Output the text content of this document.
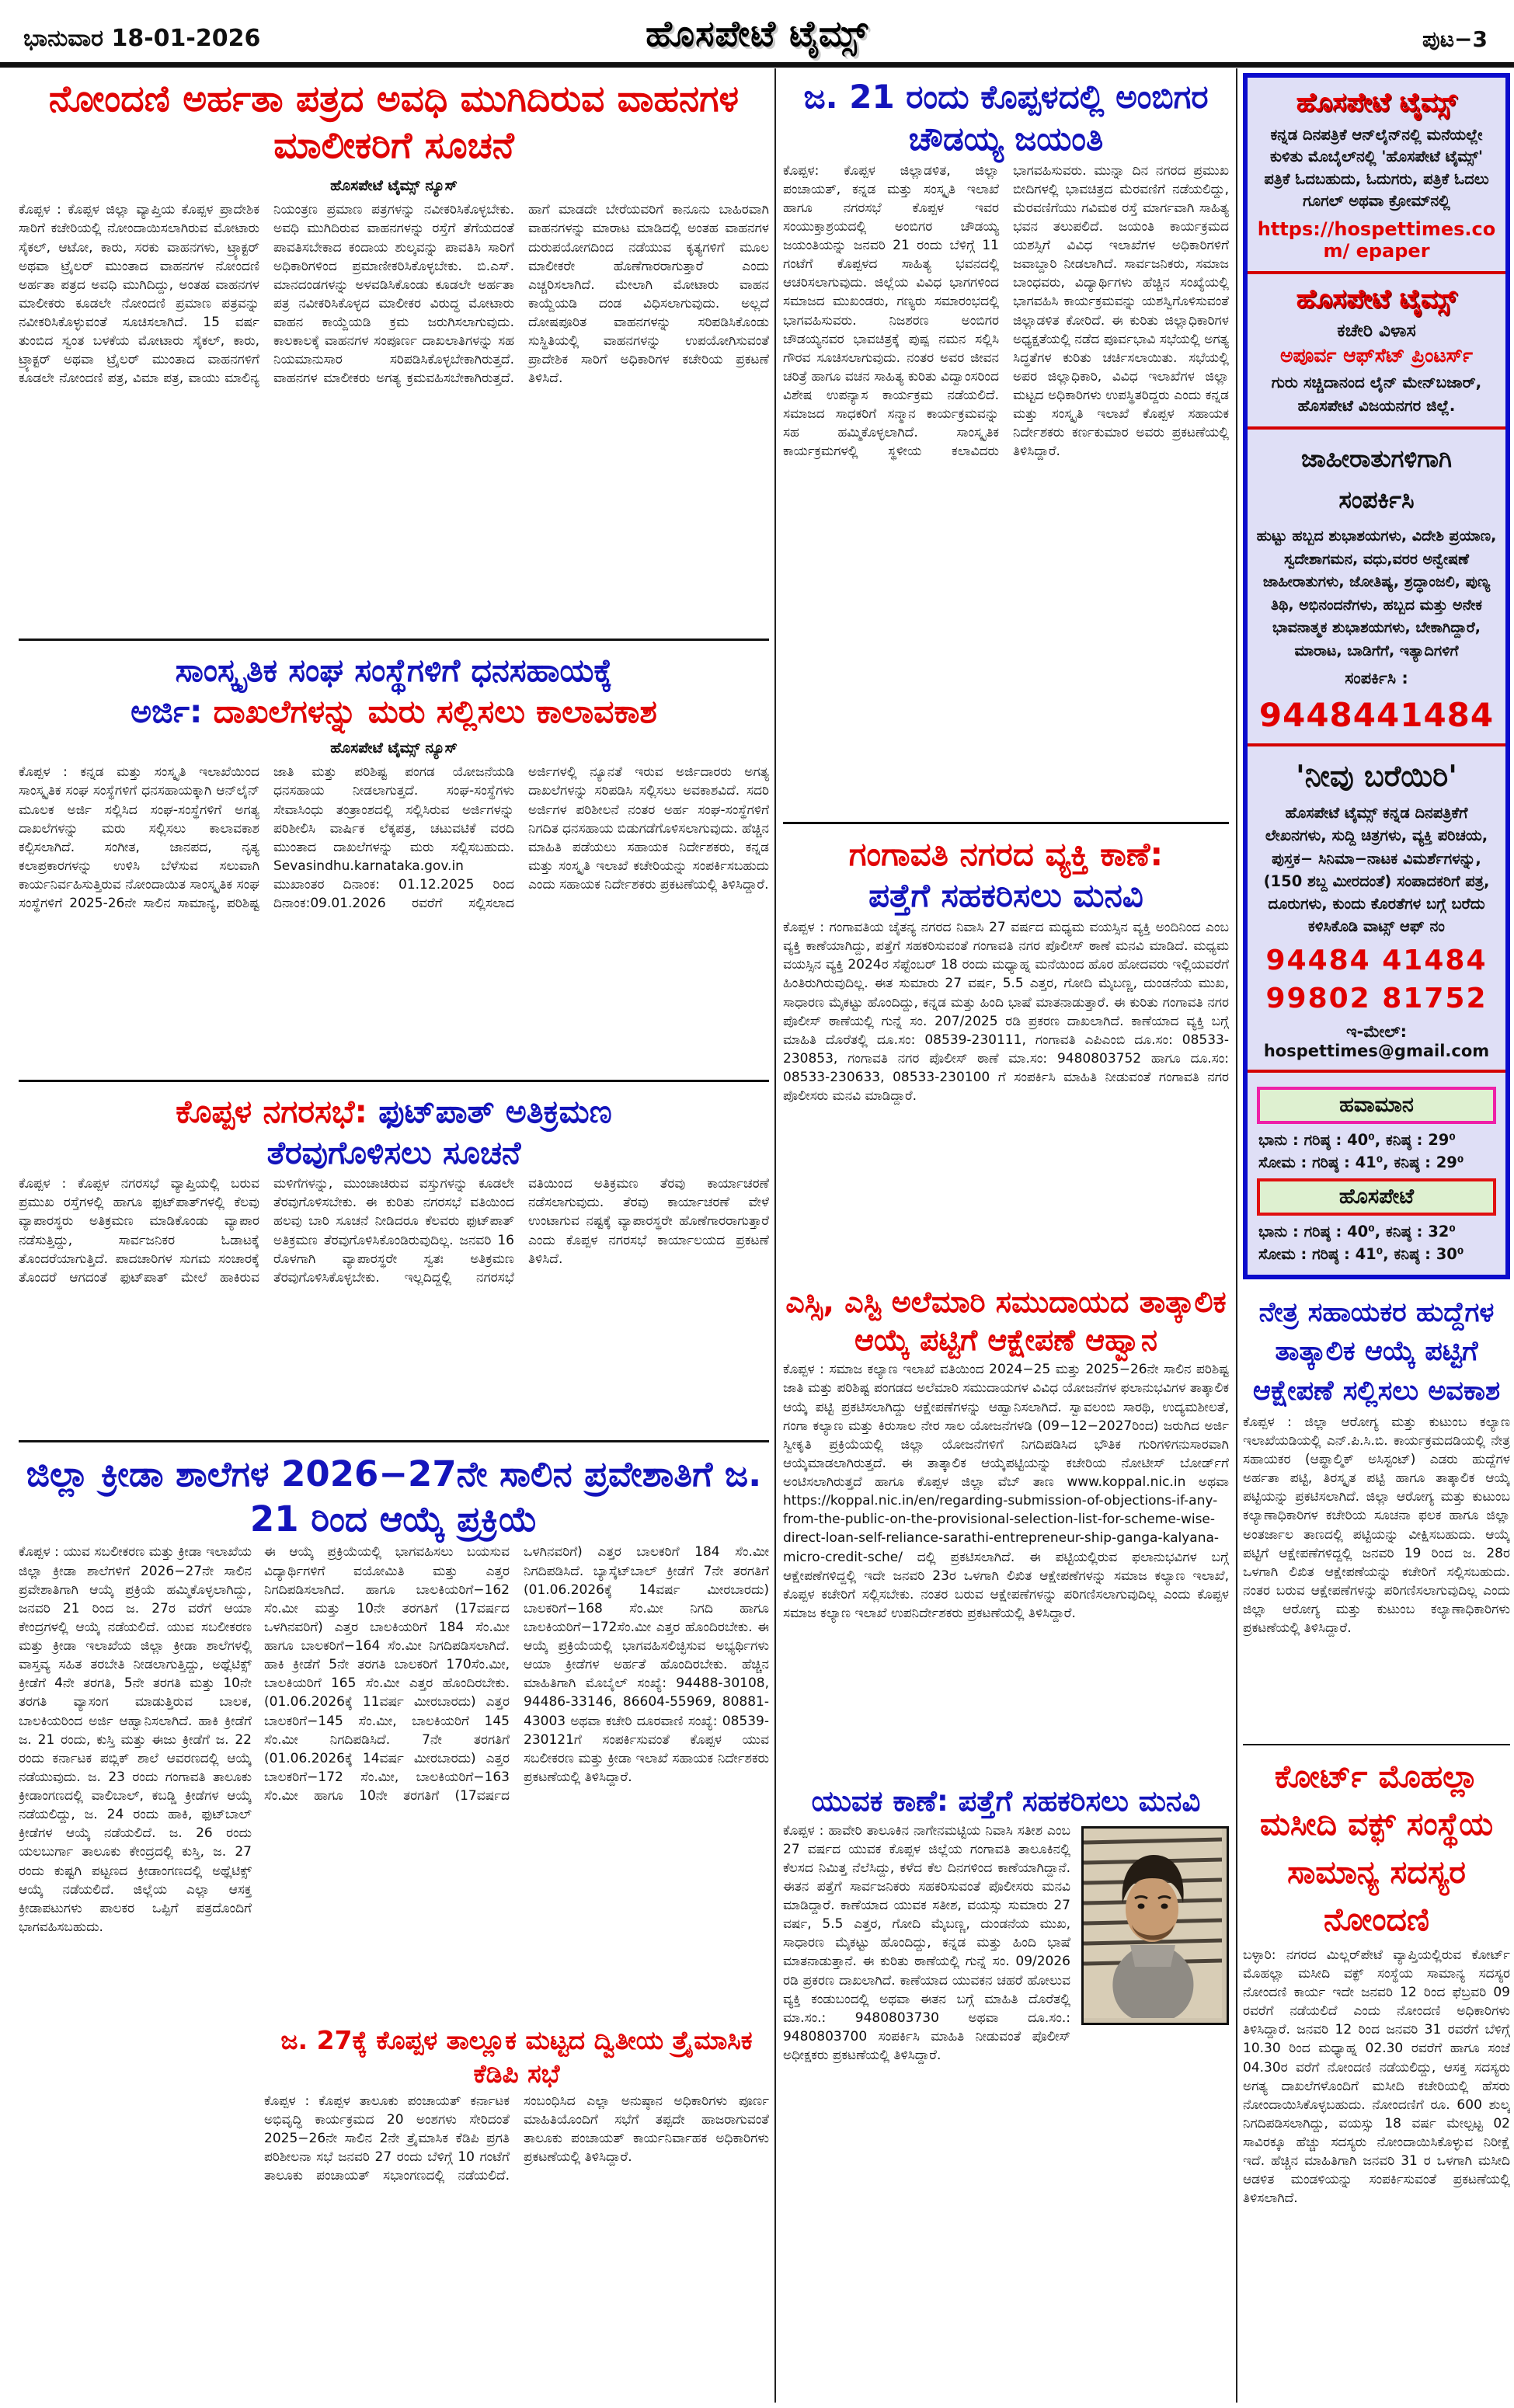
ಭಾನುವಾರ 18-01-2026	ಹೊಸಪೇಟೆ ಟೈಮ್ಸ್	ಪುಟ−3
ನೋಂದಣಿ ಅರ್ಹತಾ ಪತ್ರದ ಅವಧಿ ಮುಗಿದಿರುವ ವಾಹನಗಳ ಮಾಲೀಕರಿಗೆ ಸೂಚನೆ
ಹೊಸಪೇಟೆ ಟೈಮ್ಸ್ ನ್ಯೂಸ್
ಕೊಪ್ಪಳ : ಕೊಪ್ಪಳ ಜಿಲ್ಲಾ ವ್ಯಾಪ್ತಿಯ ಕೊಪ್ಪಳ ಪ್ರಾದೇಶಿಕ ಸಾರಿಗೆ ಕಚೇರಿಯಲ್ಲಿ ನೋಂದಾಯಿಸಲಾಗಿರುವ ಮೋಟಾರು ಸೈಕಲ್, ಆಟೋ, ಕಾರು, ಸರಕು ವಾಹನಗಳು, ಟ್ರ್ಯಾಕ್ಟರ್ ಅಥವಾ ಟ್ರೈಲರ್ ಮುಂತಾದ ವಾಹನಗಳ ನೋಂದಣಿ ಅರ್ಹತಾ ಪತ್ರದ ಅವಧಿ ಮುಗಿದಿದ್ದು, ಅಂತಹ ವಾಹನಗಳ ಮಾಲೀಕರು ಕೂಡಲೇ ನೋಂದಣಿ ಪ್ರಮಾಣ ಪತ್ರವನ್ನು ನವೀಕರಿಸಿಕೊಳ್ಳುವಂತೆ ಸೂಚಿಸಲಾಗಿದೆ. 15 ವರ್ಷ ತುಂಬಿದ ಸ್ವಂತ ಬಳಕೆಯ ಮೋಟಾರು ಸೈಕಲ್, ಕಾರು, ಟ್ರ್ಯಾಕ್ಟರ್ ಅಥವಾ ಟ್ರೈಲರ್ ಮುಂತಾದ ವಾಹನಗಳಿಗೆ ಕೂಡಲೇ ನೋಂದಣಿ ಪತ್ರ, ವಿಮಾ ಪತ್ರ, ವಾಯು ಮಾಲಿನ್ಯ ನಿಯಂತ್ರಣ ಪ್ರಮಾಣ ಪತ್ರಗಳನ್ನು ನವೀಕರಿಸಿಕೊಳ್ಳಬೇಕು. ಅವಧಿ ಮುಗಿದಿರುವ ವಾಹನಗಳನ್ನು ರಸ್ತೆಗೆ ತೆಗೆಯದಂತೆ ಪಾವತಿಸಬೇಕಾದ ಕಂದಾಯ ಶುಲ್ಕವನ್ನು ಪಾವತಿಸಿ ಸಾರಿಗೆ ಅಧಿಕಾರಿಗಳಿಂದ ಪ್ರಮಾಣೀಕರಿಸಿಕೊಳ್ಳಬೇಕು. ಬಿ.ಎಸ್. ಮಾನದಂಡಗಳನ್ನು ಅಳವಡಿಸಿಕೊಂಡು ಕೂಡಲೇ ಅರ್ಹತಾ ಪತ್ರ ನವೀಕರಿಸಿಕೊಳ್ಳದ ಮಾಲೀಕರ ವಿರುದ್ಧ ಮೋಟಾರು ವಾಹನ ಕಾಯ್ದೆಯಡಿ ಕ್ರಮ ಜರುಗಿಸಲಾಗುವುದು. ಕಾಲಕಾಲಕ್ಕೆ ವಾಹನಗಳ ಸಂಪೂರ್ಣ ದಾಖಲಾತಿಗಳನ್ನು ಸಹ ನಿಯಮಾನುಸಾರ ಸರಿಪಡಿಸಿಕೊಳ್ಳಬೇಕಾಗಿರುತ್ತದೆ. ವಾಹನಗಳ ಮಾಲೀಕರು ಅಗತ್ಯ ಕ್ರಮವಹಿಸಬೇಕಾಗಿರುತ್ತದೆ. ಹಾಗೆ ಮಾಡದೇ ಬೇರೆಯವರಿಗೆ ಕಾನೂನು ಬಾಹಿರವಾಗಿ ವಾಹನಗಳನ್ನು ಮಾರಾಟ ಮಾಡಿದಲ್ಲಿ ಅಂತಹ ವಾಹನಗಳ ದುರುಪಯೋಗದಿಂದ ನಡೆಯುವ ಕೃತ್ಯಗಳಿಗೆ ಮೂಲ ಮಾಲೀಕರೇ ಹೊಣೆಗಾರರಾಗುತ್ತಾರೆ ಎಂದು ಎಚ್ಚರಿಸಲಾಗಿದೆ. ಮೇಲಾಗಿ ಮೋಟಾರು ವಾಹನ ಕಾಯ್ದೆಯಡಿ ದಂಡ ವಿಧಿಸಲಾಗುವುದು. ಅಲ್ಲದೆ ದೋಷಪೂರಿತ ವಾಹನಗಳನ್ನು ಸರಿಪಡಿಸಿಕೊಂಡು ಸುಸ್ಥಿತಿಯಲ್ಲಿ ವಾಹನಗಳನ್ನು ಉಪಯೋಗಿಸುವಂತೆ ಪ್ರಾದೇಶಿಕ ಸಾರಿಗೆ ಅಧಿಕಾರಿಗಳ ಕಚೇರಿಯ ಪ್ರಕಟಣೆ ತಿಳಿಸಿದೆ.
ಸಾಂಸ್ಕೃತಿಕ ಸಂಘ ಸಂಸ್ಥೆಗಳಿಗೆ ಧನಸಹಾಯಕ್ಕೆ
ಅರ್ಜಿ: ದಾಖಲೆಗಳನ್ನು ಮರು ಸಲ್ಲಿಸಲು ಕಾಲಾವಕಾಶ
ಹೊಸಪೇಟೆ ಟೈಮ್ಸ್ ನ್ಯೂಸ್
ಕೊಪ್ಪಳ : ಕನ್ನಡ ಮತ್ತು ಸಂಸ್ಕೃತಿ ಇಲಾಖೆಯಿಂದ ಸಾಂಸ್ಕೃತಿಕ ಸಂಘ ಸಂಸ್ಥೆಗಳಿಗೆ ಧನಸಹಾಯಕ್ಕಾಗಿ ಆನ್‌ಲೈನ್ ಮೂಲಕ ಅರ್ಜಿ ಸಲ್ಲಿಸಿದ ಸಂಘ-ಸಂಸ್ಥೆಗಳಿಗೆ ಅಗತ್ಯ ದಾಖಲೆಗಳನ್ನು ಮರು ಸಲ್ಲಿಸಲು ಕಾಲಾವಕಾಶ ಕಲ್ಪಿಸಲಾಗಿದೆ. ಸಂಗೀತ, ಜಾನಪದ, ನೃತ್ಯ ಕಲಾಪ್ರಕಾರಗಳನ್ನು ಉಳಿಸಿ ಬೆಳೆಸುವ ಸಲುವಾಗಿ ಕಾರ್ಯನಿರ್ವಹಿಸುತ್ತಿರುವ ನೋಂದಾಯಿತ ಸಾಂಸ್ಕೃತಿಕ ಸಂಘ ಸಂಸ್ಥೆಗಳಿಗೆ 2025-26ನೇ ಸಾಲಿನ ಸಾಮಾನ್ಯ, ಪರಿಶಿಷ್ಟ ಜಾತಿ ಮತ್ತು ಪರಿಶಿಷ್ಟ ಪಂಗಡ ಯೋಜನೆಯಡಿ ಧನಸಹಾಯ ನೀಡಲಾಗುತ್ತದೆ. ಸಂಘ-ಸಂಸ್ಥೆಗಳು ಸೇವಾಸಿಂಧು ತಂತ್ರಾಂಶದಲ್ಲಿ ಸಲ್ಲಿಸಿರುವ ಅರ್ಜಿಗಳನ್ನು ಪರಿಶೀಲಿಸಿ ವಾರ್ಷಿಕ ಲೆಕ್ಕಪತ್ರ, ಚಟುವಟಿಕೆ ವರದಿ ಮುಂತಾದ ದಾಖಲೆಗಳನ್ನು ಮರು ಸಲ್ಲಿಸಬಹುದು. Sevasindhu.karnataka.gov.in ಮುಖಾಂತರ ದಿನಾಂಕ: 01.12.2025 ರಿಂದ ದಿನಾಂಕ:09.01.2026 ರವರೆಗೆ ಸಲ್ಲಿಸಲಾದ ಅರ್ಜಿಗಳಲ್ಲಿ ನ್ಯೂನತೆ ಇರುವ ಅರ್ಜಿದಾರರು ಅಗತ್ಯ ದಾಖಲೆಗಳನ್ನು ಸರಿಪಡಿಸಿ ಸಲ್ಲಿಸಲು ಅವಕಾಶವಿದೆ. ಸದರಿ ಅರ್ಜಿಗಳ ಪರಿಶೀಲನೆ ನಂತರ ಅರ್ಹ ಸಂಘ-ಸಂಸ್ಥೆಗಳಿಗೆ ನಿಗದಿತ ಧನಸಹಾಯ ಬಿಡುಗಡೆಗೊಳಿಸಲಾಗುವುದು. ಹೆಚ್ಚಿನ ಮಾಹಿತಿ ಪಡೆಯಲು ಸಹಾಯಕ ನಿರ್ದೇಶಕರು, ಕನ್ನಡ ಮತ್ತು ಸಂಸ್ಕೃತಿ ಇಲಾಖೆ ಕಚೇರಿಯನ್ನು ಸಂಪರ್ಕಿಸಬಹುದು ಎಂದು ಸಹಾಯಕ ನಿರ್ದೇಶಕರು ಪ್ರಕಟಣೆಯಲ್ಲಿ ತಿಳಿಸಿದ್ದಾರೆ.
ಕೊಪ್ಪಳ ನಗರಸಭೆ: ಫುಟ್‌ಪಾತ್ ಅತಿಕ್ರಮಣ
ತೆರವುಗೊಳಿಸಲು ಸೂಚನೆ
ಕೊಪ್ಪಳ : ಕೊಪ್ಪಳ ನಗರಸಭೆ ವ್ಯಾಪ್ತಿಯಲ್ಲಿ ಬರುವ ಪ್ರಮುಖ ರಸ್ತೆಗಳಲ್ಲಿ ಹಾಗೂ ಫುಟ್‌ಪಾತ್‌ಗಳಲ್ಲಿ ಕೆಲವು ವ್ಯಾಪಾರಸ್ಥರು ಅತಿಕ್ರಮಣ ಮಾಡಿಕೊಂಡು ವ್ಯಾಪಾರ ನಡೆಸುತ್ತಿದ್ದು, ಸಾರ್ವಜನಿಕರ ಓಡಾಟಕ್ಕೆ ತೊಂದರೆಯಾಗುತ್ತಿದೆ. ಪಾದಚಾರಿಗಳ ಸುಗಮ ಸಂಚಾರಕ್ಕೆ ತೊಂದರೆ ಆಗದಂತೆ ಫುಟ್‌ಪಾತ್ ಮೇಲೆ ಹಾಕಿರುವ ಮಳಿಗೆಗಳನ್ನು, ಮುಂಚಾಚಿರುವ ವಸ್ತುಗಳನ್ನು ಕೂಡಲೇ ತೆರವುಗೊಳಿಸಬೇಕು. ಈ ಕುರಿತು ನಗರಸಭೆ ವತಿಯಿಂದ ಹಲವು ಬಾರಿ ಸೂಚನೆ ನೀಡಿದರೂ ಕೆಲವರು ಫುಟ್‌ಪಾತ್ ಅತಿಕ್ರಮಣ ತೆರವುಗೊಳಿಸಿಕೊಂಡಿರುವುದಿಲ್ಲ. ಜನವರಿ 16 ರೊಳಗಾಗಿ ವ್ಯಾಪಾರಸ್ಥರೇ ಸ್ವತಃ ಅತಿಕ್ರಮಣ ತೆರವುಗೊಳಿಸಿಕೊಳ್ಳಬೇಕು. ಇಲ್ಲದಿದ್ದಲ್ಲಿ ನಗರಸಭೆ ವತಿಯಿಂದ ಅತಿಕ್ರಮಣ ತೆರವು ಕಾರ್ಯಾಚರಣೆ ನಡೆಸಲಾಗುವುದು. ತೆರವು ಕಾರ್ಯಾಚರಣೆ ವೇಳೆ ಉಂಟಾಗುವ ನಷ್ಟಕ್ಕೆ ವ್ಯಾಪಾರಸ್ಥರೇ ಹೊಣೆಗಾರರಾಗುತ್ತಾರೆ ಎಂದು ಕೊಪ್ಪಳ ನಗರಸಭೆ ಕಾರ್ಯಾಲಯದ ಪ್ರಕಟಣೆ ತಿಳಿಸಿದೆ.
ಜಿಲ್ಲಾ ಕ್ರೀಡಾ ಶಾಲೆಗಳ 2026−27ನೇ ಸಾಲಿನ ಪ್ರವೇಶಾತಿಗೆ ಜ. 21 ರಿಂದ ಆಯ್ಕೆ ಪ್ರಕ್ರಿಯೆ
ಕೊಪ್ಪಳ : ಯುವ ಸಬಲೀಕರಣ ಮತ್ತು ಕ್ರೀಡಾ ಇಲಾಖೆಯ ಜಿಲ್ಲಾ ಕ್ರೀಡಾ ಶಾಲೆಗಳಿಗೆ 2026−27ನೇ ಸಾಲಿನ ಪ್ರವೇಶಾತಿಗಾಗಿ ಆಯ್ಕೆ ಪ್ರಕ್ರಿಯೆ ಹಮ್ಮಿಕೊಳ್ಳಲಾಗಿದ್ದು, ಜನವರಿ 21 ರಿಂದ ಜ. 27ರ ವರೆಗೆ ಆಯಾ ಕೇಂದ್ರಗಳಲ್ಲಿ ಆಯ್ಕೆ ನಡೆಯಲಿದೆ. ಯುವ ಸಬಲೀಕರಣ ಮತ್ತು ಕ್ರೀಡಾ ಇಲಾಖೆಯ ಜಿಲ್ಲಾ ಕ್ರೀಡಾ ಶಾಲೆಗಳಲ್ಲಿ ವಾಸ್ತವ್ಯ ಸಹಿತ ತರಬೇತಿ ನೀಡಲಾಗುತ್ತಿದ್ದು, ಅಥ್ಲೆಟಿಕ್ಸ್ ಕ್ರೀಡೆಗೆ 4ನೇ ತರಗತಿ, 5ನೇ ತರಗತಿ ಮತ್ತು 10ನೇ ತರಗತಿ ವ್ಯಾಸಂಗ ಮಾಡುತ್ತಿರುವ ಬಾಲಕ, ಬಾಲಕಿಯರಿಂದ ಅರ್ಜಿ ಆಹ್ವಾನಿಸಲಾಗಿದೆ. ಹಾಕಿ ಕ್ರೀಡೆಗೆ ಜ. 21 ರಂದು, ಕುಸ್ತಿ ಮತ್ತು ಈಜು ಕ್ರೀಡೆಗೆ ಜ. 22 ರಂದು ಕರ್ನಾಟಕ ಪಬ್ಲಿಕ್ ಶಾಲೆ ಆವರಣದಲ್ಲಿ ಆಯ್ಕೆ ನಡೆಯುವುದು. ಜ. 23 ರಂದು ಗಂಗಾವತಿ ತಾಲೂಕು ಕ್ರೀಡಾಂಗಣದಲ್ಲಿ ವಾಲಿಬಾಲ್, ಕಬಡ್ಡಿ ಕ್ರೀಡೆಗಳ ಆಯ್ಕೆ ನಡೆಯಲಿದ್ದು, ಜ. 24 ರಂದು ಹಾಕಿ, ಫುಟ್‌ಬಾಲ್ ಕ್ರೀಡೆಗಳ ಆಯ್ಕೆ ನಡೆಯಲಿದೆ. ಜ. 26 ರಂದು ಯಲಬುರ್ಗಾ ತಾಲೂಕು ಕೇಂದ್ರದಲ್ಲಿ ಕುಸ್ತಿ, ಜ. 27 ರಂದು ಕುಷ್ಟಗಿ ಪಟ್ಟಣದ ಕ್ರೀಡಾಂಗಣದಲ್ಲಿ ಅಥ್ಲೆಟಿಕ್ಸ್ ಆಯ್ಕೆ ನಡೆಯಲಿದೆ. ಜಿಲ್ಲೆಯ ಎಲ್ಲಾ ಆಸಕ್ತ ಕ್ರೀಡಾಪಟುಗಳು ಪಾಲಕರ ಒಪ್ಪಿಗೆ ಪತ್ರದೊಂದಿಗೆ ಭಾಗವಹಿಸಬಹುದು.
ಈ ಆಯ್ಕೆ ಪ್ರಕ್ರಿಯೆಯಲ್ಲಿ ಭಾಗವಹಿಸಲು ಬಯಸುವ ವಿದ್ಯಾರ್ಥಿಗಳಿಗೆ ವಯೋಮಿತಿ ಮತ್ತು ಎತ್ತರ ನಿಗದಿಪಡಿಸಲಾಗಿದೆ. ಹಾಗೂ ಬಾಲಕಿಯರಿಗೆ−162 ಸೆಂ.ಮೀ ಮತ್ತು 10ನೇ ತರಗತಿಗೆ (17ವರ್ಷದ ಒಳಗಿನವರಿಗೆ) ಎತ್ತರ ಬಾಲಕಿಯರಿಗೆ 184 ಸೆಂ.ಮೀ ಹಾಗೂ ಬಾಲಕರಿಗೆ−164 ಸೆಂ.ಮೀ ನಿಗದಿಪಡಿಸಲಾಗಿದೆ. ಹಾಕಿ ಕ್ರೀಡೆಗೆ 5ನೇ ತರಗತಿ ಬಾಲಕರಿಗೆ 170ಸೆಂ.ಮೀ, ಬಾಲಕಿಯರಿಗೆ 165 ಸೆಂ.ಮೀ ಎತ್ತರ ಹೊಂದಿರಬೇಕು. (01.06.2026ಕ್ಕೆ 11ವರ್ಷ ಮೀರಬಾರದು) ಎತ್ತರ ಬಾಲಕರಿಗೆ−145 ಸೆಂ.ಮೀ, ಬಾಲಕಿಯರಿಗೆ 145 ಸೆಂ.ಮೀ ನಿಗದಿಪಡಿಸಿದೆ. 7ನೇ ತರಗತಿಗೆ (01.06.2026ಕ್ಕೆ 14ವರ್ಷ ಮೀರಬಾರದು) ಎತ್ತರ ಬಾಲಕರಿಗೆ−172 ಸೆಂ.ಮೀ, ಬಾಲಕಿಯರಿಗೆ−163 ಸೆಂ.ಮೀ ಹಾಗೂ 10ನೇ ತರಗತಿಗೆ (17ವರ್ಷದ ಒಳಗಿನವರಿಗೆ) ಎತ್ತರ ಬಾಲಕರಿಗೆ 184 ಸೆಂ.ಮೀ ನಿಗದಿಪಡಿಸಿದೆ. ಬ್ಯಾಸ್ಕೆಟ್‌ಬಾಲ್ ಕ್ರೀಡೆಗೆ 7ನೇ ತರಗತಿಗೆ (01.06.2026ಕ್ಕೆ 14ವರ್ಷ ಮೀರಬಾರದು) ಬಾಲಕರಿಗೆ−168 ಸೆಂ.ಮೀ ನಿಗದಿ ಹಾಗೂ ಬಾಲಕಿಯರಿಗೆ−172ಸೆಂ.ಮೀ ಎತ್ತರ ಹೊಂದಿರಬೇಕು. ಈ ಆಯ್ಕೆ ಪ್ರಕ್ರಿಯೆಯಲ್ಲಿ ಭಾಗವಹಿಸಲಿಚ್ಛಿಸುವ ಅಭ್ಯರ್ಥಿಗಳು ಆಯಾ ಕ್ರೀಡೆಗಳ ಅರ್ಹತೆ ಹೊಂದಿರಬೇಕು. ಹೆಚ್ಚಿನ ಮಾಹಿತಿಗಾಗಿ ಮೊಬೈಲ್ ಸಂಖ್ಯೆ: 94488-30108, 94486-33146, 86604-55969, 80881-43003 ಅಥವಾ ಕಚೇರಿ ದೂರವಾಣಿ ಸಂಖ್ಯೆ: 08539-230121ಗೆ ಸಂಪರ್ಕಿಸುವಂತೆ ಕೊಪ್ಪಳ ಯುವ ಸಬಲೀಕರಣ ಮತ್ತು ಕ್ರೀಡಾ ಇಲಾಖೆ ಸಹಾಯಕ ನಿರ್ದೇಶಕರು ಪ್ರಕಟಣೆಯಲ್ಲಿ ತಿಳಿಸಿದ್ದಾರೆ.
ಜ. 27ಕ್ಕೆ ಕೊಪ್ಪಳ ತಾಲ್ಲೂಕ ಮಟ್ಟದ ದ್ವಿತೀಯ ತ್ರೈಮಾಸಿಕ ಕೆಡಿಪಿ ಸಭೆ
ಕೊಪ್ಪಳ : ಕೊಪ್ಪಳ ತಾಲೂಕು ಪಂಚಾಯತ್ ಕರ್ನಾಟಕ ಅಭಿವೃದ್ಧಿ ಕಾರ್ಯಕ್ರಮದ 20 ಅಂಶಗಳು ಸೇರಿದಂತೆ 2025−26ನೇ ಸಾಲಿನ 2ನೇ ತ್ರೈಮಾಸಿಕ ಕೆಡಿಪಿ ಪ್ರಗತಿ ಪರಿಶೀಲನಾ ಸಭೆ ಜನವರಿ 27 ರಂದು ಬೆಳಿಗ್ಗೆ 10 ಗಂಟೆಗೆ ತಾಲೂಕು ಪಂಚಾಯತ್ ಸಭಾಂಗಣದಲ್ಲಿ ನಡೆಯಲಿದೆ. ಸಂಬಂಧಿಸಿದ ಎಲ್ಲಾ ಅನುಷ್ಠಾನ ಅಧಿಕಾರಿಗಳು ಪೂರ್ಣ ಮಾಹಿತಿಯೊಂದಿಗೆ ಸಭೆಗೆ ತಪ್ಪದೇ ಹಾಜರಾಗುವಂತೆ ತಾಲೂಕು ಪಂಚಾಯತ್ ಕಾರ್ಯನಿರ್ವಾಹಕ ಅಧಿಕಾರಿಗಳು ಪ್ರಕಟಣೆಯಲ್ಲಿ ತಿಳಿಸಿದ್ದಾರೆ.
ಜ. 21 ರಂದು ಕೊಪ್ಪಳದಲ್ಲಿ ಅಂಬಿಗರ ಚೌಡಯ್ಯ ಜಯಂತಿ
ಕೊಪ್ಪಳ: ಕೊಪ್ಪಳ ಜಿಲ್ಲಾಡಳಿತ, ಜಿಲ್ಲಾ ಪಂಚಾಯತ್, ಕನ್ನಡ ಮತ್ತು ಸಂಸ್ಕೃತಿ ಇಲಾಖೆ ಹಾಗೂ ನಗರಸಭೆ ಕೊಪ್ಪಳ ಇವರ ಸಂಯುಕ್ತಾಶ್ರಯದಲ್ಲಿ ಅಂಬಿಗರ ಚೌಡಯ್ಯ ಜಯಂತಿಯನ್ನು ಜನವರಿ 21 ರಂದು ಬೆಳಿಗ್ಗೆ 11 ಗಂಟೆಗೆ ಕೊಪ್ಪಳದ ಸಾಹಿತ್ಯ ಭವನದಲ್ಲಿ ಆಚರಿಸಲಾಗುವುದು. ಜಿಲ್ಲೆಯ ವಿವಿಧ ಭಾಗಗಳಿಂದ ಸಮಾಜದ ಮುಖಂಡರು, ಗಣ್ಯರು ಸಮಾರಂಭದಲ್ಲಿ ಭಾಗವಹಿಸುವರು. ನಿಜಶರಣ ಅಂಬಿಗರ ಚೌಡಯ್ಯನವರ ಭಾವಚಿತ್ರಕ್ಕೆ ಪುಷ್ಪ ನಮನ ಸಲ್ಲಿಸಿ ಗೌರವ ಸೂಚಿಸಲಾಗುವುದು. ನಂತರ ಅವರ ಜೀವನ ಚರಿತ್ರೆ ಹಾಗೂ ವಚನ ಸಾಹಿತ್ಯ ಕುರಿತು ವಿದ್ವಾಂಸರಿಂದ ವಿಶೇಷ ಉಪನ್ಯಾಸ ಕಾರ್ಯಕ್ರಮ ನಡೆಯಲಿದೆ. ಸಮಾಜದ ಸಾಧಕರಿಗೆ ಸನ್ಮಾನ ಕಾರ್ಯಕ್ರಮವನ್ನು ಸಹ ಹಮ್ಮಿಕೊಳ್ಳಲಾಗಿದೆ. ಸಾಂಸ್ಕೃತಿಕ ಕಾರ್ಯಕ್ರಮಗಳಲ್ಲಿ ಸ್ಥಳೀಯ ಕಲಾವಿದರು ಭಾಗವಹಿಸುವರು. ಮುನ್ನಾ ದಿನ ನಗರದ ಪ್ರಮುಖ ಬೀದಿಗಳಲ್ಲಿ ಭಾವಚಿತ್ರದ ಮೆರವಣಿಗೆ ನಡೆಯಲಿದ್ದು, ಮೆರವಣಿಗೆಯು ಗವಿಮಠ ರಸ್ತೆ ಮಾರ್ಗವಾಗಿ ಸಾಹಿತ್ಯ ಭವನ ತಲುಪಲಿದೆ. ಜಯಂತಿ ಕಾರ್ಯಕ್ರಮದ ಯಶಸ್ಸಿಗೆ ವಿವಿಧ ಇಲಾಖೆಗಳ ಅಧಿಕಾರಿಗಳಿಗೆ ಜವಾಬ್ದಾರಿ ನೀಡಲಾಗಿದೆ. ಸಾರ್ವಜನಿಕರು, ಸಮಾಜ ಬಾಂಧವರು, ವಿದ್ಯಾರ್ಥಿಗಳು ಹೆಚ್ಚಿನ ಸಂಖ್ಯೆಯಲ್ಲಿ ಭಾಗವಹಿಸಿ ಕಾರ್ಯಕ್ರಮವನ್ನು ಯಶಸ್ವಿಗೊಳಿಸುವಂತೆ ಜಿಲ್ಲಾಡಳಿತ ಕೋರಿದೆ. ಈ ಕುರಿತು ಜಿಲ್ಲಾಧಿಕಾರಿಗಳ ಅಧ್ಯಕ್ಷತೆಯಲ್ಲಿ ನಡೆದ ಪೂರ್ವಭಾವಿ ಸಭೆಯಲ್ಲಿ ಅಗತ್ಯ ಸಿದ್ಧತೆಗಳ ಕುರಿತು ಚರ್ಚಿಸಲಾಯಿತು. ಸಭೆಯಲ್ಲಿ ಅಪರ ಜಿಲ್ಲಾಧಿಕಾರಿ, ವಿವಿಧ ಇಲಾಖೆಗಳ ಜಿಲ್ಲಾ ಮಟ್ಟದ ಅಧಿಕಾರಿಗಳು ಉಪಸ್ಥಿತರಿದ್ದರು ಎಂದು ಕನ್ನಡ ಮತ್ತು ಸಂಸ್ಕೃತಿ ಇಲಾಖೆ ಕೊಪ್ಪಳ ಸಹಾಯಕ ನಿರ್ದೇಶಕರು ಕರ್ಣಕುಮಾರ ಅವರು ಪ್ರಕಟಣೆಯಲ್ಲಿ ತಿಳಿಸಿದ್ದಾರೆ.
ಗಂಗಾವತಿ ನಗರದ ವ್ಯಕ್ತಿ ಕಾಣೆ:
ಪತ್ತೆಗೆ ಸಹಕರಿಸಲು ಮನವಿ
ಕೊಪ್ಪಳ : ಗಂಗಾವತಿಯ ಚೈತನ್ಯ ನಗರದ ನಿವಾಸಿ 27 ವರ್ಷದ ಮಧ್ಯಮ ವಯಸ್ಸಿನ ವ್ಯಕ್ತಿ ಅಂದಿನಿಂದ ಎಂಬ ವ್ಯಕ್ತಿ ಕಾಣೆಯಾಗಿದ್ದು, ಪತ್ತೆಗೆ ಸಹಕರಿಸುವಂತೆ ಗಂಗಾವತಿ ನಗರ ಪೊಲೀಸ್ ಠಾಣೆ ಮನವಿ ಮಾಡಿದೆ. ಮಧ್ಯಮ ವಯಸ್ಸಿನ ವ್ಯಕ್ತಿ 2024ರ ಸೆಪ್ಟೆಂಬರ್ 18 ರಂದು ಮಧ್ಯಾಹ್ನ ಮನೆಯಿಂದ ಹೊರ ಹೋದವರು ಇಲ್ಲಿಯವರೆಗೆ ಹಿಂತಿರುಗಿರುವುದಿಲ್ಲ. ಈತ ಸುಮಾರು 27 ವರ್ಷ, 5.5 ಎತ್ತರ, ಗೋದಿ ಮೈಬಣ್ಣ, ದುಂಡನೆಯ ಮುಖ, ಸಾಧಾರಣ ಮೈಕಟ್ಟು ಹೊಂದಿದ್ದು, ಕನ್ನಡ ಮತ್ತು ಹಿಂದಿ ಭಾಷೆ ಮಾತನಾಡುತ್ತಾರೆ. ಈ ಕುರಿತು ಗಂಗಾವತಿ ನಗರ ಪೊಲೀಸ್ ಠಾಣೆಯಲ್ಲಿ ಗುನ್ನೆ ಸಂ. 207/2025 ರಡಿ ಪ್ರಕರಣ ದಾಖಲಾಗಿದೆ. ಕಾಣೆಯಾದ ವ್ಯಕ್ತಿ ಬಗ್ಗೆ ಮಾಹಿತಿ ದೊರೆತಲ್ಲಿ ದೂ.ಸಂ: 08539-230111, ಗಂಗಾವತಿ ಎಪಿಎಂಬಿ ದೂ.ಸಂ: 08533-230853, ಗಂಗಾವತಿ ನಗರ ಪೊಲೀಸ್ ಠಾಣೆ ಮಾ.ಸಂ: 9480803752 ಹಾಗೂ ದೂ.ಸಂ: 08533-230633, 08533-230100 ಗೆ ಸಂಪರ್ಕಿಸಿ ಮಾಹಿತಿ ನೀಡುವಂತೆ ಗಂಗಾವತಿ ನಗರ ಪೊಲೀಸರು ಮನವಿ ಮಾಡಿದ್ದಾರೆ.
ಎಸ್ಸಿ, ಎಸ್ಟಿ ಅಲೆಮಾರಿ ಸಮುದಾಯದ ತಾತ್ಕಾಲಿಕ ಆಯ್ಕೆ ಪಟ್ಟಿಗೆ ಆಕ್ಷೇಪಣೆ ಆಹ್ವಾನ
ಕೊಪ್ಪಳ : ಸಮಾಜ ಕಲ್ಯಾಣ ಇಲಾಖೆ ವತಿಯಿಂದ 2024−25 ಮತ್ತು 2025−26ನೇ ಸಾಲಿನ ಪರಿಶಿಷ್ಟ ಜಾತಿ ಮತ್ತು ಪರಿಶಿಷ್ಟ ಪಂಗಡದ ಅಲೆಮಾರಿ ಸಮುದಾಯಗಳ ವಿವಿಧ ಯೋಜನೆಗಳ ಫಲಾನುಭವಿಗಳ ತಾತ್ಕಾಲಿಕ ಆಯ್ಕೆ ಪಟ್ಟಿ ಪ್ರಕಟಿಸಲಾಗಿದ್ದು ಆಕ್ಷೇಪಣೆಗಳನ್ನು ಆಹ್ವಾನಿಸಲಾಗಿದೆ. ಸ್ವಾವಲಂಬಿ ಸಾರಥಿ, ಉದ್ಯಮಶೀಲತೆ, ಗಂಗಾ ಕಲ್ಯಾಣ ಮತ್ತು ಕಿರುಸಾಲ ನೇರ ಸಾಲ ಯೋಜನೆಗಳಡಿ (09−12−2027ರಿಂದ) ಜರುಗಿದ ಅರ್ಜಿ ಸ್ವೀಕೃತಿ ಪ್ರಕ್ರಿಯೆಯಲ್ಲಿ ಜಿಲ್ಲಾ ಯೋಜನೆಗಳಿಗೆ ನಿಗದಿಪಡಿಸಿದ ಭೌತಿಕ ಗುರಿಗಳಿಗನುಸಾರವಾಗಿ ಆಯ್ಕೆಮಾಡಲಾಗಿರುತ್ತದೆ. ಈ ತಾತ್ಕಾಲಿಕ ಆಯ್ಕೆಪಟ್ಟಿಯನ್ನು ಕಚೇರಿಯ ನೋಟೀಸ್ ಬೋರ್ಡ್‌ಗೆ ಅಂಟಿಸಲಾಗಿರುತ್ತದೆ ಹಾಗೂ ಕೊಪ್ಪಳ ಜಿಲ್ಲಾ ವೆಬ್ ತಾಣ www.koppal.nic.in ಅಥವಾ https://koppal.nic.in/en/regarding-submission-of-objections-if-any-from-the-public-on-the-provisional-selection-list-for-scheme-wise-direct-loan-self-reliance-sarathi-entrepreneur-ship-ganga-kalyana-micro-credit-sche/ ದಲ್ಲಿ ಪ್ರಕಟಿಸಲಾಗಿದೆ. ಈ ಪಟ್ಟಿಯಲ್ಲಿರುವ ಫಲಾನುಭವಿಗಳ ಬಗ್ಗೆ ಆಕ್ಷೇಪಣೆಗಳಿದ್ದಲ್ಲಿ ಇದೇ ಜನವರಿ 23ರ ಒಳಗಾಗಿ ಲಿಖಿತ ಆಕ್ಷೇಪಣೆಗಳನ್ನು ಸಮಾಜ ಕಲ್ಯಾಣ ಇಲಾಖೆ, ಕೊಪ್ಪಳ ಕಚೇರಿಗೆ ಸಲ್ಲಿಸಬೇಕು. ನಂತರ ಬರುವ ಆಕ್ಷೇಪಣೆಗಳನ್ನು ಪರಿಗಣಿಸಲಾಗುವುದಿಲ್ಲ ಎಂದು ಕೊಪ್ಪಳ ಸಮಾಜ ಕಲ್ಯಾಣ ಇಲಾಖೆ ಉಪನಿರ್ದೇಶಕರು ಪ್ರಕಟಣೆಯಲ್ಲಿ ತಿಳಿಸಿದ್ದಾರೆ.
ಯುವಕ ಕಾಣೆ: ಪತ್ತೆಗೆ ಸಹಕರಿಸಲು ಮನವಿ
ಕೊಪ್ಪಳ : ಹಾವೇರಿ ತಾಲೂಕಿನ ನಾಗೇನಮಟ್ಟಿಯ ನಿವಾಸಿ ಸತೀಶ ಎಂಬ 27 ವರ್ಷದ ಯುವಕ ಕೊಪ್ಪಳ ಜಿಲ್ಲೆಯ ಗಂಗಾವತಿ ತಾಲೂಕಿನಲ್ಲಿ ಕೆಲಸದ ನಿಮಿತ್ತ ನೆಲೆಸಿದ್ದು, ಕಳೆದ ಕೆಲ ದಿನಗಳಿಂದ ಕಾಣೆಯಾಗಿದ್ದಾನೆ. ಈತನ ಪತ್ತೆಗೆ ಸಾರ್ವಜನಿಕರು ಸಹಕರಿಸುವಂತೆ ಪೊಲೀಸರು ಮನವಿ ಮಾಡಿದ್ದಾರೆ. ಕಾಣೆಯಾದ ಯುವಕ ಸತೀಶ, ವಯಸ್ಸು ಸುಮಾರು 27 ವರ್ಷ, 5.5 ಎತ್ತರ, ಗೋದಿ ಮೈಬಣ್ಣ, ದುಂಡನೆಯ ಮುಖ, ಸಾಧಾರಣ ಮೈಕಟ್ಟು ಹೊಂದಿದ್ದು, ಕನ್ನಡ ಮತ್ತು ಹಿಂದಿ ಭಾಷೆ ಮಾತನಾಡುತ್ತಾನೆ. ಈ ಕುರಿತು ಠಾಣೆಯಲ್ಲಿ ಗುನ್ನೆ ಸಂ. 09/2026 ರಡಿ ಪ್ರಕರಣ ದಾಖಲಾಗಿದೆ. ಕಾಣೆಯಾದ ಯುವಕನ ಚಹರೆ ಹೋಲುವ ವ್ಯಕ್ತಿ ಕಂಡುಬಂದಲ್ಲಿ ಅಥವಾ ಈತನ ಬಗ್ಗೆ ಮಾಹಿತಿ ದೊರೆತಲ್ಲಿ ಮಾ.ಸಂ.: 9480803730 ಅಥವಾ ದೂ.ಸಂ.: 9480803700 ಸಂಪರ್ಕಿಸಿ ಮಾಹಿತಿ ನೀಡುವಂತೆ ಪೊಲೀಸ್ ಅಧೀಕ್ಷಕರು ಪ್ರಕಟಣೆಯಲ್ಲಿ ತಿಳಿಸಿದ್ದಾರೆ.
ಹೊಸಪೇಟೆ ಟೈಮ್ಸ್
ಕನ್ನಡ ದಿನಪತ್ರಿಕೆ ಆನ್‌ಲೈನ್‌ನಲ್ಲಿ ಮನೆಯಲ್ಲೇ ಕುಳಿತು ಮೊಬೈಲ್‌ನಲ್ಲಿ 'ಹೊಸಪೇಟೆ ಟೈಮ್ಸ್' ಪತ್ರಿಕೆ ಓದಬಹುದು, ಓದುಗರು, ಪತ್ರಿಕೆ ಓದಲು ಗೂಗಲ್ ಅಥವಾ ಕ್ರೋಮ್‌ನಲ್ಲಿ
https://hospettimes.com/ epaper
ಹೊಸಪೇಟೆ ಟೈಮ್ಸ್
ಕಚೇರಿ ವಿಳಾಸ
ಅಪೂರ್ವ ಆಫ್‌ಸೆಟ್ ಪ್ರಿಂಟರ್ಸ್
ಗುರು ಸಚ್ಚಿದಾನಂದ ಲೈನ್ ಮೇನ್‌ಬಜಾರ್, ಹೊಸಪೇಟೆ ವಿಜಯನಗರ ಜಿಲ್ಲೆ.
ಜಾಹೀರಾತುಗಳಿಗಾಗಿ
ಸಂಪರ್ಕಿಸಿ
ಹುಟ್ಟು ಹಬ್ಬದ ಶುಭಾಶಯಗಳು, ವಿದೇಶಿ ಪ್ರಯಾಣ, ಸ್ವದೇಶಾಗಮನ, ವಧು,ವರರ ಅನ್ವೇಷಣೆ ಜಾಹೀರಾತುಗಳು, ಜೋತಿಷ್ಯ, ಶ್ರದ್ಧಾಂಜಲಿ, ಪುಣ್ಯ ತಿಥಿ, ಅಭಿನಂದನೆಗಳು, ಹಬ್ಬದ ಮತ್ತು ಅನೇಕ ಭಾವನಾತ್ಮಕ ಶುಭಾಶಯಗಳು, ಬೇಕಾಗಿದ್ದಾರೆ, ಮಾರಾಟ, ಬಾಡಿಗೆಗೆ, ಇತ್ಯಾದಿಗಳಿಗೆ
ಸಂಪರ್ಕಿಸಿ :
9448441484
'ನೀವು ಬರೆಯಿರಿ'
ಹೊಸಪೇಟೆ ಟೈಮ್ಸ್ ಕನ್ನಡ ದಿನಪತ್ರಿಕೆಗೆ ಲೇಖನಗಳು, ಸುದ್ದಿ ಚಿತ್ರಗಳು, ವ್ಯಕ್ತಿ ಪರಿಚಯ, ಪುಸ್ತಕ− ಸಿನಿಮಾ−ನಾಟಕ ವಿಮರ್ಶೆಗಳನ್ನು,(150 ಶಬ್ದ ಮೀರದಂತೆ) ಸಂಪಾದಕರಿಗೆ ಪತ್ರ, ದೂರುಗಳು, ಕುಂದು ಕೊರತೆಗಳ ಬಗ್ಗೆ ಬರೆದು ಕಳಿಸಿಕೊಡಿ ವಾಟ್ಸ್ ಆಫ್ ನಂ
94484 41484
99802 81752
ಇ-ಮೇಲ್: hospettimes@gmail.com
ಹವಾಮಾನ
ಭಾನು : ಗರಿಷ್ಠ : 40⁰, ಕನಿಷ್ಠ : 29⁰
ಸೋಮ : ಗರಿಷ್ಠ : 41⁰, ಕನಿಷ್ಠ : 29⁰
ಹೊಸಪೇಟೆ
ಭಾನು : ಗರಿಷ್ಠ : 40⁰, ಕನಿಷ್ಠ : 32⁰
ಸೋಮ : ಗರಿಷ್ಠ : 41⁰, ಕನಿಷ್ಠ : 30⁰
ನೇತ್ರ ಸಹಾಯಕರ ಹುದ್ದೆಗಳ ತಾತ್ಕಾಲಿಕ ಆಯ್ಕೆ ಪಟ್ಟಿಗೆ ಆಕ್ಷೇಪಣೆ ಸಲ್ಲಿಸಲು ಅವಕಾಶ
ಕೊಪ್ಪಳ : ಜಿಲ್ಲಾ ಆರೋಗ್ಯ ಮತ್ತು ಕುಟುಂಬ ಕಲ್ಯಾಣ ಇಲಾಖೆಯಡಿಯಲ್ಲಿ ಎನ್.ಪಿ.ಸಿ.ಬಿ. ಕಾರ್ಯಕ್ರಮದಡಿಯಲ್ಲಿ ನೇತ್ರ ಸಹಾಯಕರ (ಆಪ್ಥಾಲ್ಮಿಕ್ ಅಸಿಸ್ಟಂಟ್) ಎಡರು ಹುದ್ದೆಗಳ ಅರ್ಹತಾ ಪಟ್ಟಿ, ತಿರಸ್ಕೃತ ಪಟ್ಟಿ ಹಾಗೂ ತಾತ್ಕಾಲಿಕ ಆಯ್ಕೆ ಪಟ್ಟಿಯನ್ನು ಪ್ರಕಟಿಸಲಾಗಿದೆ. ಜಿಲ್ಲಾ ಆರೋಗ್ಯ ಮತ್ತು ಕುಟುಂಬ ಕಲ್ಯಾಣಾಧಿಕಾರಿಗಳ ಕಚೇರಿಯ ಸೂಚನಾ ಫಲಕ ಹಾಗೂ ಜಿಲ್ಲಾ ಅಂತರ್ಜಾಲ ತಾಣದಲ್ಲಿ ಪಟ್ಟಿಯನ್ನು ವೀಕ್ಷಿಸಬಹುದು. ಆಯ್ಕೆ ಪಟ್ಟಿಗೆ ಆಕ್ಷೇಪಣೆಗಳಿದ್ದಲ್ಲಿ ಜನವರಿ 19 ರಿಂದ ಜ. 28ರ ಒಳಗಾಗಿ ಲಿಖಿತ ಆಕ್ಷೇಪಣೆಯನ್ನು ಕಚೇರಿಗೆ ಸಲ್ಲಿಸಬಹುದು. ನಂತರ ಬರುವ ಆಕ್ಷೇಪಣೆಗಳನ್ನು ಪರಿಗಣಿಸಲಾಗುವುದಿಲ್ಲ ಎಂದು ಜಿಲ್ಲಾ ಆರೋಗ್ಯ ಮತ್ತು ಕುಟುಂಬ ಕಲ್ಯಾಣಾಧಿಕಾರಿಗಳು ಪ್ರಕಟಣೆಯಲ್ಲಿ ತಿಳಿಸಿದ್ದಾರೆ.
ಕೋರ್ಟ್ ಮೊಹಲ್ಲಾ ಮಸೀದಿ ವಕ್ಫ್ ಸಂಸ್ಥೆಯ ಸಾಮಾನ್ಯ ಸದಸ್ಯರ ನೋಂದಣಿ
ಬಳ್ಳಾರಿ: ನಗರದ ಮಿಲ್ಲರ್‌ಪೇಟೆ ವ್ಯಾಪ್ತಿಯಲ್ಲಿರುವ ಕೋರ್ಟ್ ಮೊಹಲ್ಲಾ ಮಸೀದಿ ವಕ್ಫ್ ಸಂಸ್ಥೆಯ ಸಾಮಾನ್ಯ ಸದಸ್ಯರ ನೋಂದಣಿ ಕಾರ್ಯ ಇದೇ ಜನವರಿ 12 ರಿಂದ ಫೆಬ್ರವರಿ 09 ರವರೆಗೆ ನಡೆಯಲಿದೆ ಎಂದು ನೋಂದಣಿ ಅಧಿಕಾರಿಗಳು ತಿಳಿಸಿದ್ದಾರೆ. ಜನವರಿ 12 ರಿಂದ ಜನವರಿ 31 ರವರೆಗೆ ಬೆಳಿಗ್ಗೆ 10.30 ರಿಂದ ಮಧ್ಯಾಹ್ನ 02.30 ರವರೆಗೆ ಹಾಗೂ ಸಂಜೆ 04.30ರ ವರೆಗೆ ನೋಂದಣಿ ನಡೆಯಲಿದ್ದು, ಆಸಕ್ತ ಸದಸ್ಯರು ಅಗತ್ಯ ದಾಖಲೆಗಳೊಂದಿಗೆ ಮಸೀದಿ ಕಚೇರಿಯಲ್ಲಿ ಹೆಸರು ನೋಂದಾಯಿಸಿಕೊಳ್ಳಬಹುದು. ನೋಂದಣಿಗೆ ರೂ. 600 ಶುಲ್ಕ ನಿಗದಿಪಡಿಸಲಾಗಿದ್ದು, ವಯಸ್ಸು 18 ವರ್ಷ ಮೇಲ್ಪಟ್ಟ 02 ಸಾವಿರಕ್ಕೂ ಹೆಚ್ಚು ಸದಸ್ಯರು ನೋಂದಾಯಿಸಿಕೊಳ್ಳುವ ನಿರೀಕ್ಷೆ ಇದೆ. ಹೆಚ್ಚಿನ ಮಾಹಿತಿಗಾಗಿ ಜನವರಿ 31 ರ ಒಳಗಾಗಿ ಮಸೀದಿ ಆಡಳಿತ ಮಂಡಳಿಯನ್ನು ಸಂಪರ್ಕಿಸುವಂತೆ ಪ್ರಕಟಣೆಯಲ್ಲಿ ತಿಳಿಸಲಾಗಿದೆ.
